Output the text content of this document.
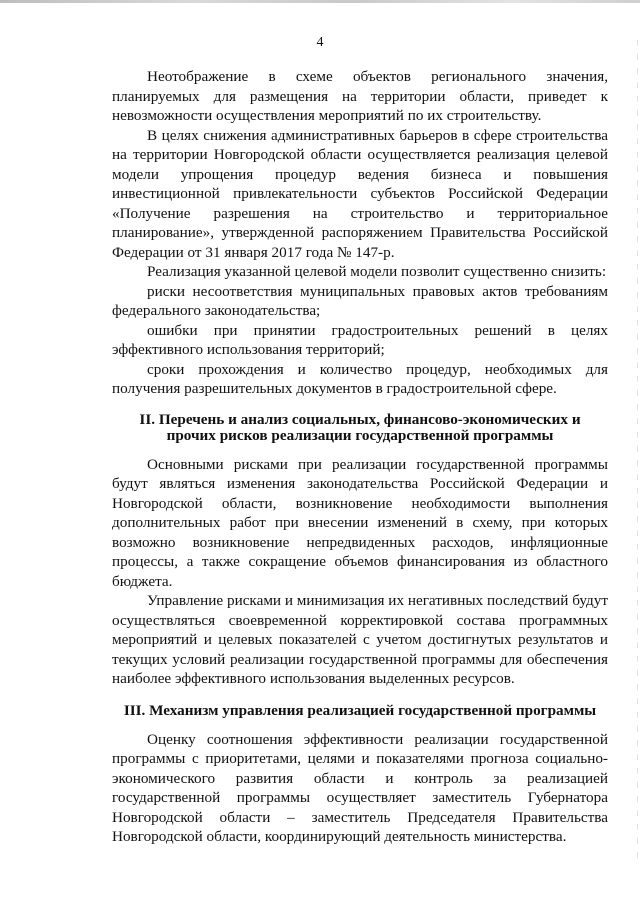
4

Неотображение в схеме объектов регионального значения, планируемых для размещения на территории области, приведет к невозможности осуществления мероприятий по их строительству.

В целях снижения административных барьеров в сфере строительства на территории Новгородской области осуществляется реализация целевой модели упрощения процедур ведения бизнеса и повышения инвестиционной привлекательности субъектов Российской Федерации «Получение разрешения на строительство и территориальное планирование», утвержденной распоряжением Правительства Российской Федерации от 31 января 2017 года № 147-р.

Реализация указанной целевой модели позволит существенно снизить:

риски несоответствия муниципальных правовых актов требованиям федерального законодательства;

ошибки при принятии градостроительных решений в целях эффективного использования территорий;

сроки прохождения и количество процедур, необходимых для получения разрешительных документов в градостроительной сфере.

II. Перечень и анализ социальных, финансово-экономических и
прочих рисков реализации государственной программы

Основными рисками при реализации государственной программы будут являться изменения законодательства Российской Федерации и Новгородской области, возникновение необходимости выполнения дополнительных работ при внесении изменений в схему, при которых возможно возникновение непредвиденных расходов, инфляционные процессы, а также сокращение объемов финансирования из областного бюджета.

Управление рисками и минимизация их негативных последствий будут осуществляться своевременной корректировкой состава программных мероприятий и целевых показателей с учетом достигнутых результатов и текущих условий реализации государственной программы для обеспечения наиболее эффективного использования выделенных ресурсов.

III. Механизм управления реализацией государственной программы

Оценку соотношения эффективности реализации государственной программы с приоритетами, целями и показателями прогноза социально-экономического развития области и контроль за реализацией государственной программы осуществляет заместитель Губернатора Новгородской области – заместитель Председателя Правительства Новгородской области, координирующий деятельность министерства.
